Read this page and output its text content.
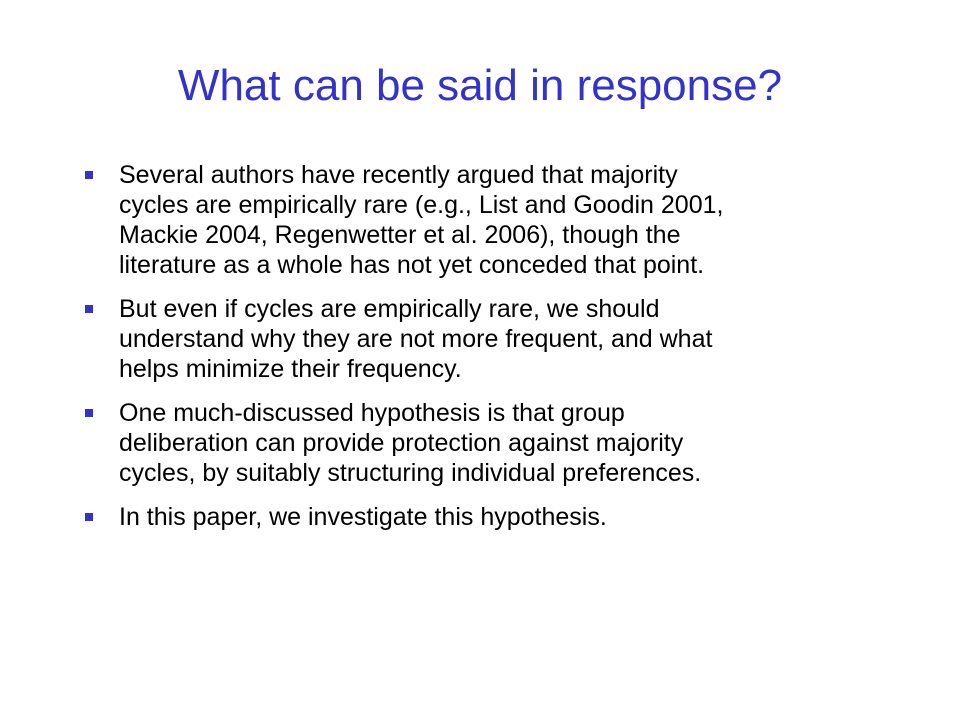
What can be said in response?
Several authors have recently argued that majority
cycles are empirically rare (e.g., List and Goodin 2001,
Mackie 2004, Regenwetter et al. 2006), though the
literature as a whole has not yet conceded that point.
But even if cycles are empirically rare, we should
understand why they are not more frequent, and what
helps minimize their frequency.
One much-discussed hypothesis is that group
deliberation can provide protection against majority
cycles, by suitably structuring individual preferences.
In this paper, we investigate this hypothesis.
